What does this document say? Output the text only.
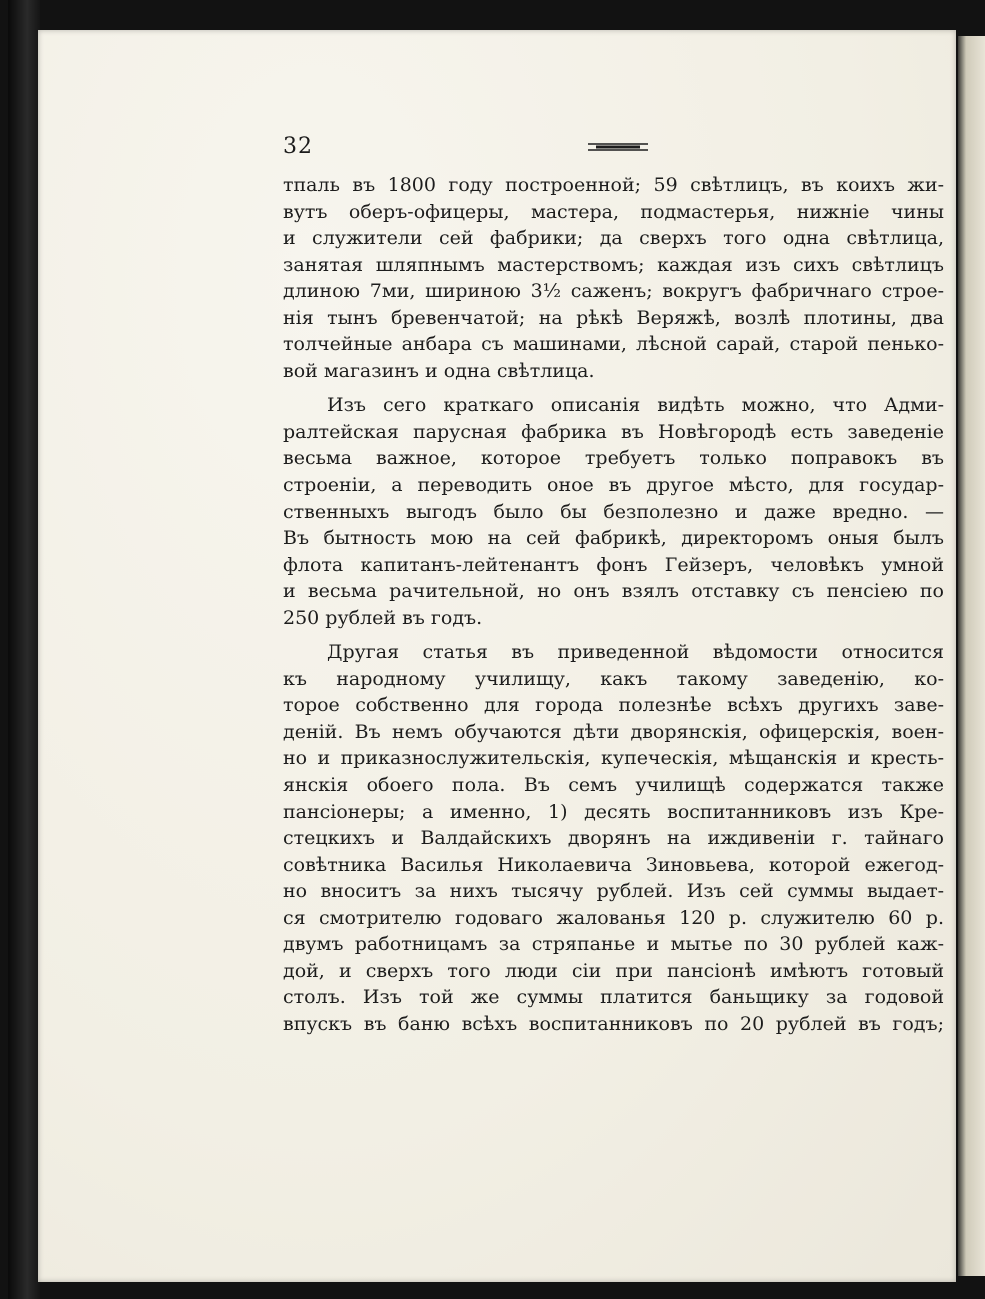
32
тпаль въ 1800 году построенной; 59 свѣтлицъ, въ коихъ жи-
вутъ оберъ-офицеры, мастера, подмастерья, нижніе чины
и служители сей фабрики; да сверхъ того одна свѣтлица,
занятая шляпнымъ мастерствомъ; каждая изъ сихъ свѣтлицъ
длиною 7ми, шириною 3½ саженъ; вокругъ фабричнаго строе-
нія тынъ бревенчатой; на рѣкѣ Веряжѣ, возлѣ плотины, два
толчейные анбара съ машинами, лѣсной сарай, старой пенько-
вой магазинъ и одна свѣтлица.
Изъ сего краткаго описанія видѣть можно, что Адми-
ралтейская парусная фабрика въ Новѣгородѣ есть заведеніе
весьма важное, которое требуетъ только поправокъ въ
строеніи, а переводить оное въ другое мѣсто, для государ-
ственныхъ выгодъ было бы безполезно и даже вредно. —
Въ бытность мою на сей фабрикѣ, директоромъ оныя былъ
флота капитанъ-лейтенантъ фонъ Гейзеръ, человѣкъ умной
и весьма рачительной, но онъ взялъ отставку съ пенсіею по
250 рублей въ годъ.
Другая статья въ приведенной вѣдомости относится
къ народному училищу, какъ такому заведенію, ко-
торое собственно для города полезнѣе всѣхъ другихъ заве-
деній. Въ немъ обучаются дѣти дворянскія, офицерскія, воен-
но и приказнослужительскія, купеческія, мѣщанскія и кресть-
янскія обоего пола. Въ семъ училищѣ содержатся также
пансіонеры; а именно, 1) десять воспитанниковъ изъ Кре-
стецкихъ и Валдайскихъ дворянъ на иждивеніи г. тайнаго
совѣтника Василья Николаевича Зиновьева, которой ежегод-
но вноситъ за нихъ тысячу рублей. Изъ сей суммы выдает-
ся смотрителю годоваго жалованья 120 р. служителю 60 р.
двумъ работницамъ за стряпанье и мытье по 30 рублей каж-
дой, и сверхъ того люди сіи при пансіонѣ имѣютъ готовый
столъ. Изъ той же суммы платится баньщику за годовой
впускъ въ баню всѣхъ воспитанниковъ по 20 рублей въ годъ;
